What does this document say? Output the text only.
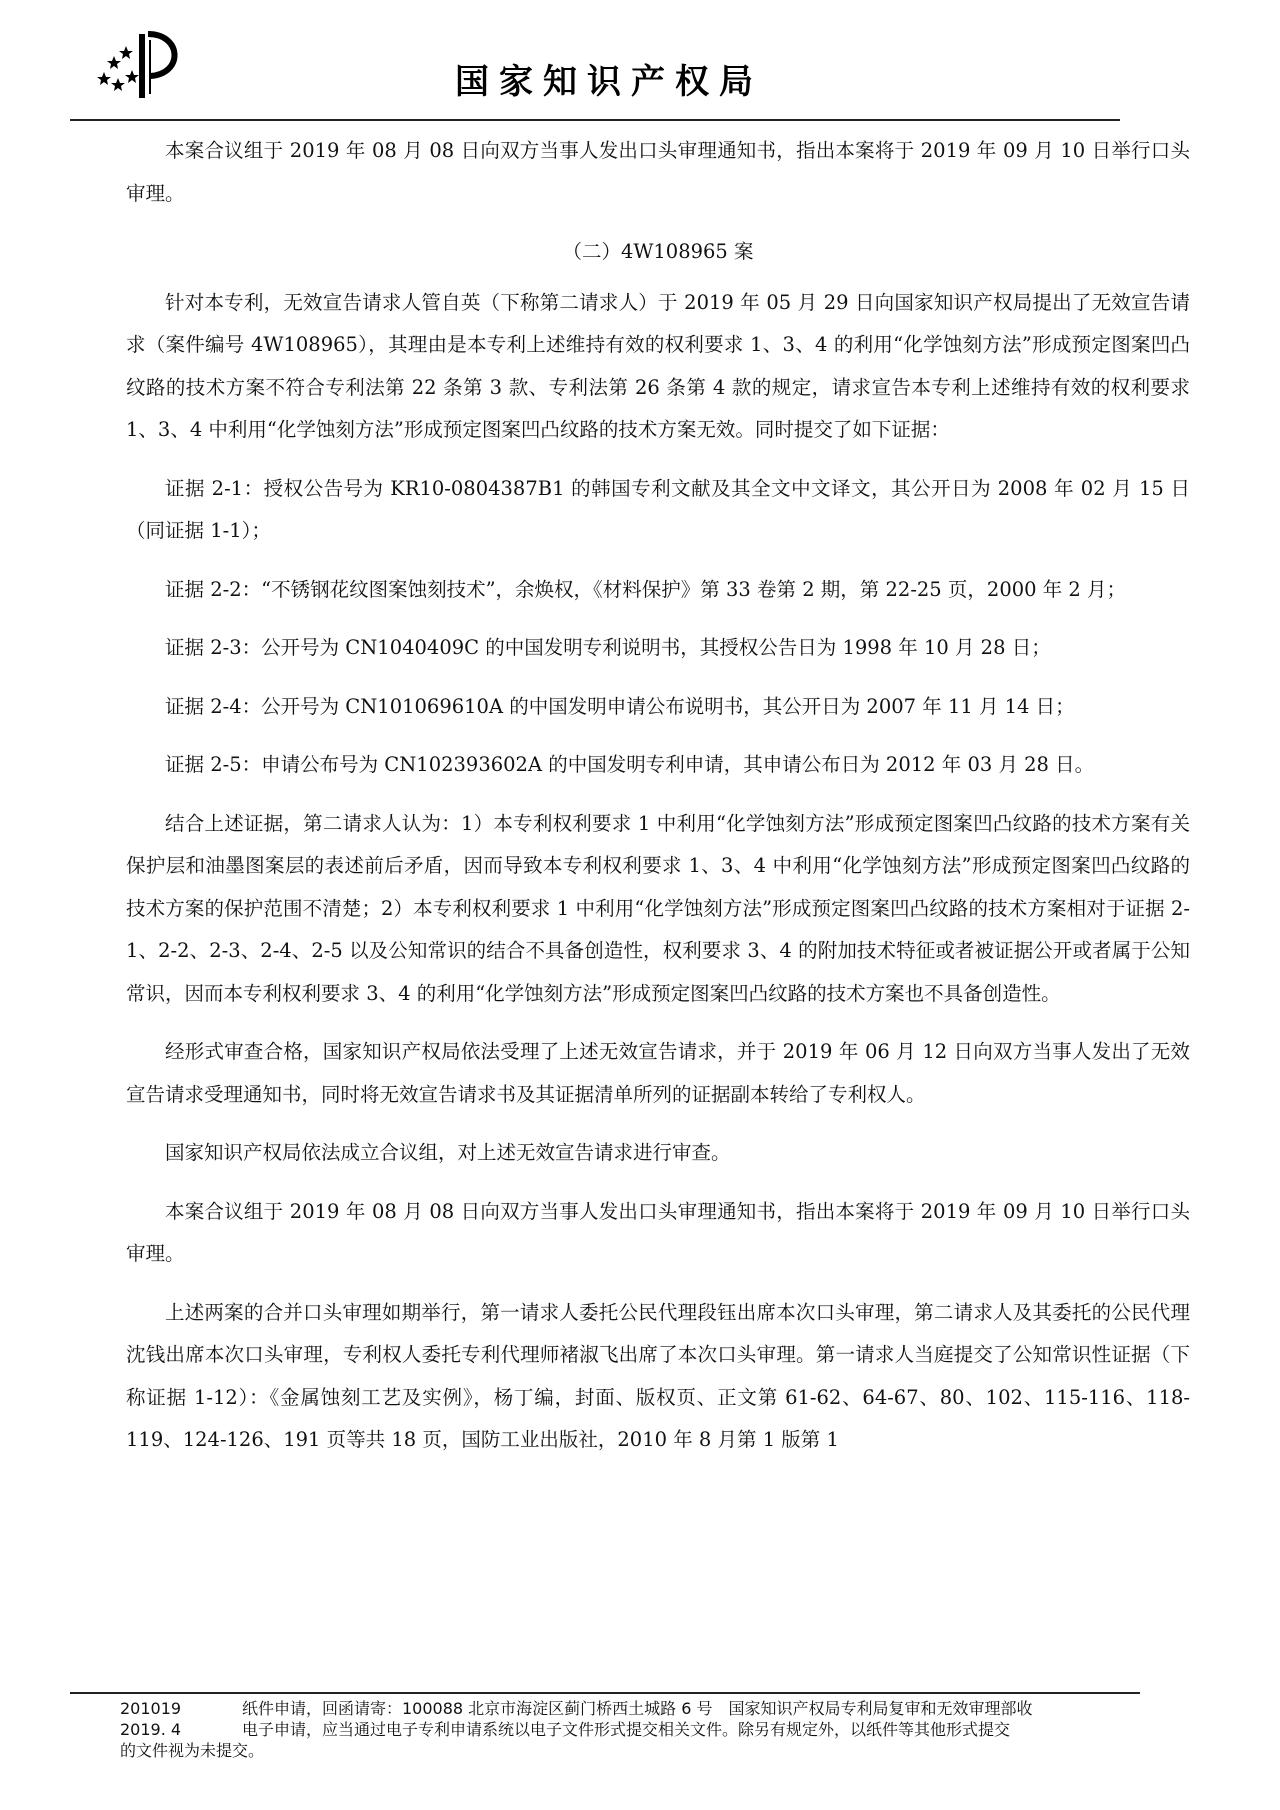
国家知识产权局

本案合议组于 2019 年 08 月 08 日向双方当事人发出口头审理通知书，指出本案将于 2019 年 09 月 10 日举行口头审理。

（二）4W108965 案

针对本专利，无效宣告请求人管自英（下称第二请求人）于 2019 年 05 月 29 日向国家知识产权局提出了无效宣告请求（案件编号 4W108965），其理由是本专利上述维持有效的权利要求 1、3、4 的利用“化学蚀刻方法”形成预定图案凹凸纹路的技术方案不符合专利法第 22 条第 3 款、专利法第 26 条第 4 款的规定，请求宣告本专利上述维持有效的权利要求 1、3、4 中利用“化学蚀刻方法”形成预定图案凹凸纹路的技术方案无效。同时提交了如下证据：

证据 2-1：授权公告号为 KR10-0804387B1 的韩国专利文献及其全文中文译文，其公开日为 2008 年 02 月 15 日（同证据 1-1）；

证据 2-2：“不锈钢花纹图案蚀刻技术”，余焕权，《材料保护》第 33 卷第 2 期，第 22-25 页，2000 年 2 月；

证据 2-3：公开号为 CN1040409C 的中国发明专利说明书，其授权公告日为 1998 年 10 月 28 日；

证据 2-4：公开号为 CN101069610A 的中国发明申请公布说明书，其公开日为 2007 年 11 月 14 日；

证据 2-5：申请公布号为 CN102393602A 的中国发明专利申请，其申请公布日为 2012 年 03 月 28 日。

结合上述证据，第二请求人认为：1）本专利权利要求 1 中利用“化学蚀刻方法”形成预定图案凹凸纹路的技术方案有关保护层和油墨图案层的表述前后矛盾，因而导致本专利权利要求 1、3、4 中利用“化学蚀刻方法”形成预定图案凹凸纹路的技术方案的保护范围不清楚；2）本专利权利要求 1 中利用“化学蚀刻方法”形成预定图案凹凸纹路的技术方案相对于证据 2-1、2-2、2-3、2-4、2-5 以及公知常识的结合不具备创造性，权利要求 3、4 的附加技术特征或者被证据公开或者属于公知常识，因而本专利权利要求 3、4 的利用“化学蚀刻方法”形成预定图案凹凸纹路的技术方案也不具备创造性。

经形式审查合格，国家知识产权局依法受理了上述无效宣告请求，并于 2019 年 06 月 12 日向双方当事人发出了无效宣告请求受理通知书，同时将无效宣告请求书及其证据清单所列的证据副本转给了专利权人。

国家知识产权局依法成立合议组，对上述无效宣告请求进行审查。

本案合议组于 2019 年 08 月 08 日向双方当事人发出口头审理通知书，指出本案将于 2019 年 09 月 10 日举行口头审理。

上述两案的合并口头审理如期举行，第一请求人委托公民代理段钰出席本次口头审理，第二请求人及其委托的公民代理沈钱出席本次口头审理，专利权人委托专利代理师褚淑飞出席了本次口头审理。第一请求人当庭提交了公知常识性证据（下称证据 1-12）：《金属蚀刻工艺及实例》，杨丁编，封面、版权页、正文第 61-62、64-67、80、102、115-116、118-119、124-126、191 页等共 18 页，国防工业出版社，2010 年 8 月第 1 版第 1

201019	纸件申请，回函请寄：100088 北京市海淀区蓟门桥西土城路 6 号　国家知识产权局专利局复审和无效审理部收
2019. 4	电子申请，应当通过电子专利申请系统以电子文件形式提交相关文件。除另有规定外，以纸件等其他形式提交
的文件视为未提交。
